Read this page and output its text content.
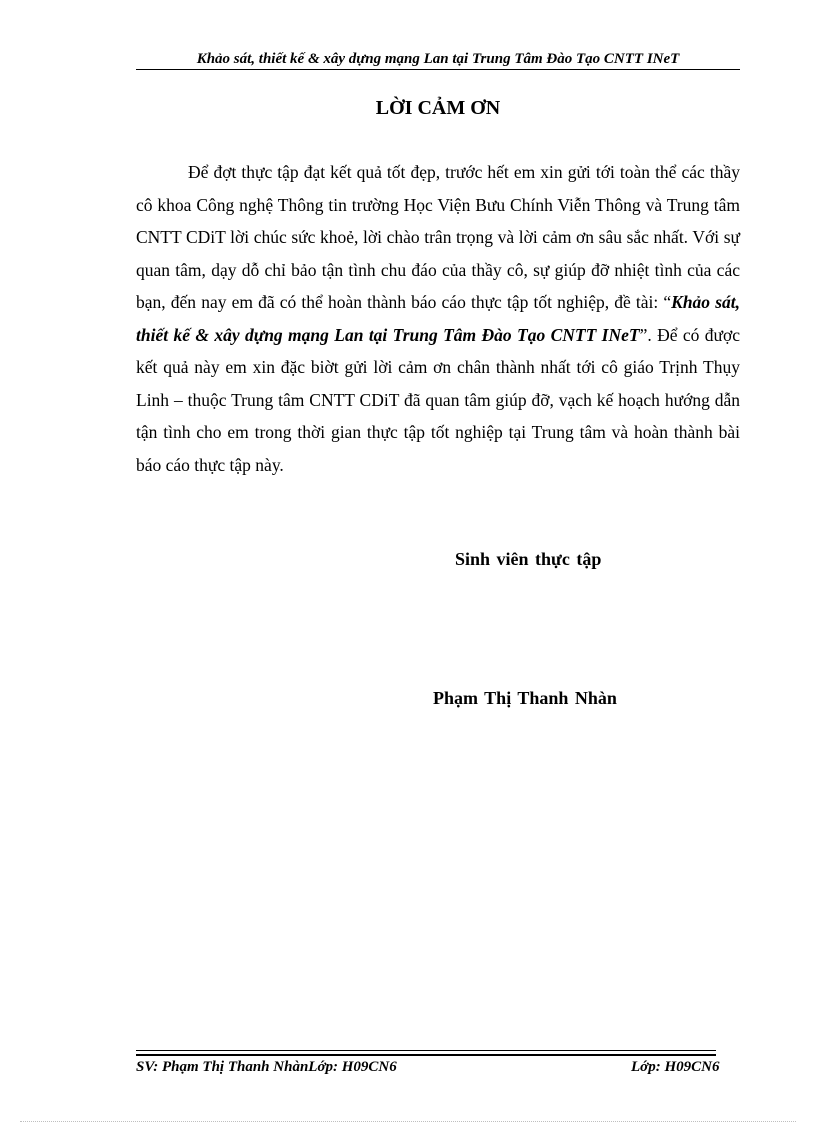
Khảo sát, thiết kế & xây dựng mạng Lan tại Trung Tâm Đào Tạo CNTT INeT
LỜI CẢM ƠN

Để đợt thực tập đạt kết quả tốt đẹp, trước hết em xin gửi tới toàn thể các thầy cô khoa Công nghệ Thông tin trường Học Viện Bưu Chính Viễn Thông và Trung tâm CNTT CDiT lời chúc sức khoẻ, lời chào trân trọng và lời cảm ơn sâu sắc nhất. Với sự quan tâm, dạy dỗ chỉ bảo tận tình chu đáo của thầy cô, sự giúp đỡ nhiệt tình của các bạn, đến nay em đã có thể hoàn thành báo cáo thực tập tốt nghiệp, đề tài: “Khảo sát, thiết kế & xây dựng mạng Lan tại Trung Tâm Đào Tạo CNTT INeT”. Để có được kết quả này em xin đặc biờt gửi lời cảm ơn chân thành nhất tới cô giáo Trịnh Thụy Linh – thuộc Trung tâm CNTT CDiT đã quan tâm giúp đỡ, vạch kế hoạch hướng dẫn tận tình cho em trong thời gian thực tập tốt nghiệp tại Trung tâm và hoàn thành bài báo cáo thực tập này.

Sinh viên thực tập
Phạm Thị Thanh Nhàn
SV: Phạm Thị Thanh NhànLớp: H09CN6	Lớp: H09CN6
